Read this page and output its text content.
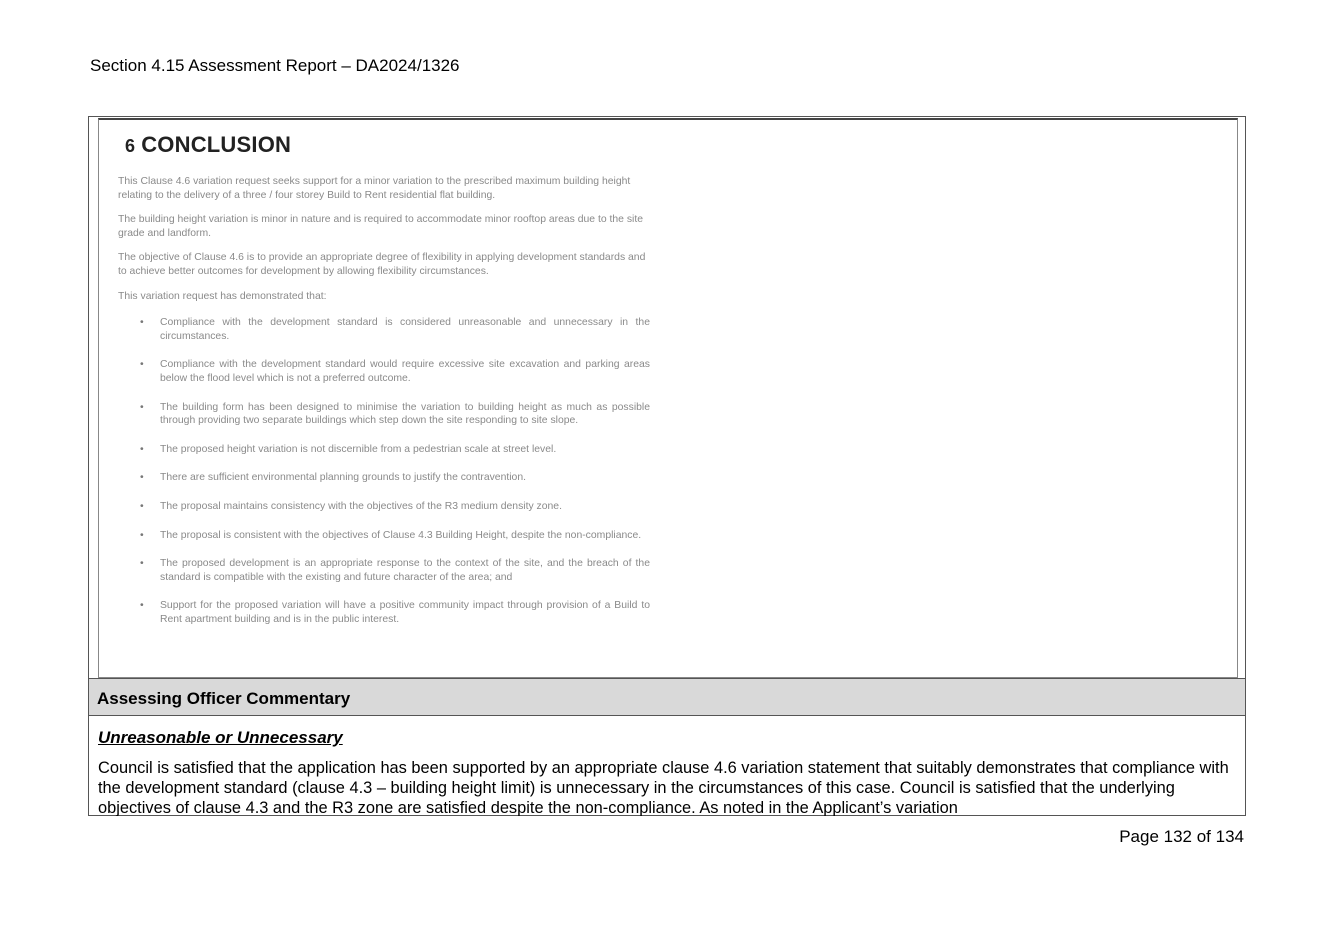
Section 4.15 Assessment Report – DA2024/1326
6 CONCLUSION

This Clause 4.6 variation request seeks support for a minor variation to the prescribed maximum building height relating to the delivery of a three / four storey Build to Rent residential flat building.

The building height variation is minor in nature and is required to accommodate minor rooftop areas due to the site grade and landform.

The objective of Clause 4.6 is to provide an appropriate degree of flexibility in applying development standards and to achieve better outcomes for development by allowing flexibility circumstances.

This variation request has demonstrated that:

• Compliance with the development standard is considered unreasonable and unnecessary in the circumstances.
• Compliance with the development standard would require excessive site excavation and parking areas below the flood level which is not a preferred outcome.
• The building form has been designed to minimise the variation to building height as much as possible through providing two separate buildings which step down the site responding to site slope.
• The proposed height variation is not discernible from a pedestrian scale at street level.
• There are sufficient environmental planning grounds to justify the contravention.
• The proposal maintains consistency with the objectives of the R3 medium density zone.
• The proposal is consistent with the objectives of Clause 4.3 Building Height, despite the non-compliance.
• The proposed development is an appropriate response to the context of the site, and the breach of the standard is compatible with the existing and future character of the area; and
• Support for the proposed variation will have a positive community impact through provision of a Build to Rent apartment building and is in the public interest.
Assessing Officer Commentary
Unreasonable or Unnecessary
Council is satisfied that the application has been supported by an appropriate clause 4.6 variation statement that suitably demonstrates that compliance with the development standard (clause 4.3 – building height limit) is unnecessary in the circumstances of this case. Council is satisfied that the underlying objectives of clause 4.3 and the R3 zone are satisfied despite the non-compliance. As noted in the Applicant’s variation
Page 132 of 134
